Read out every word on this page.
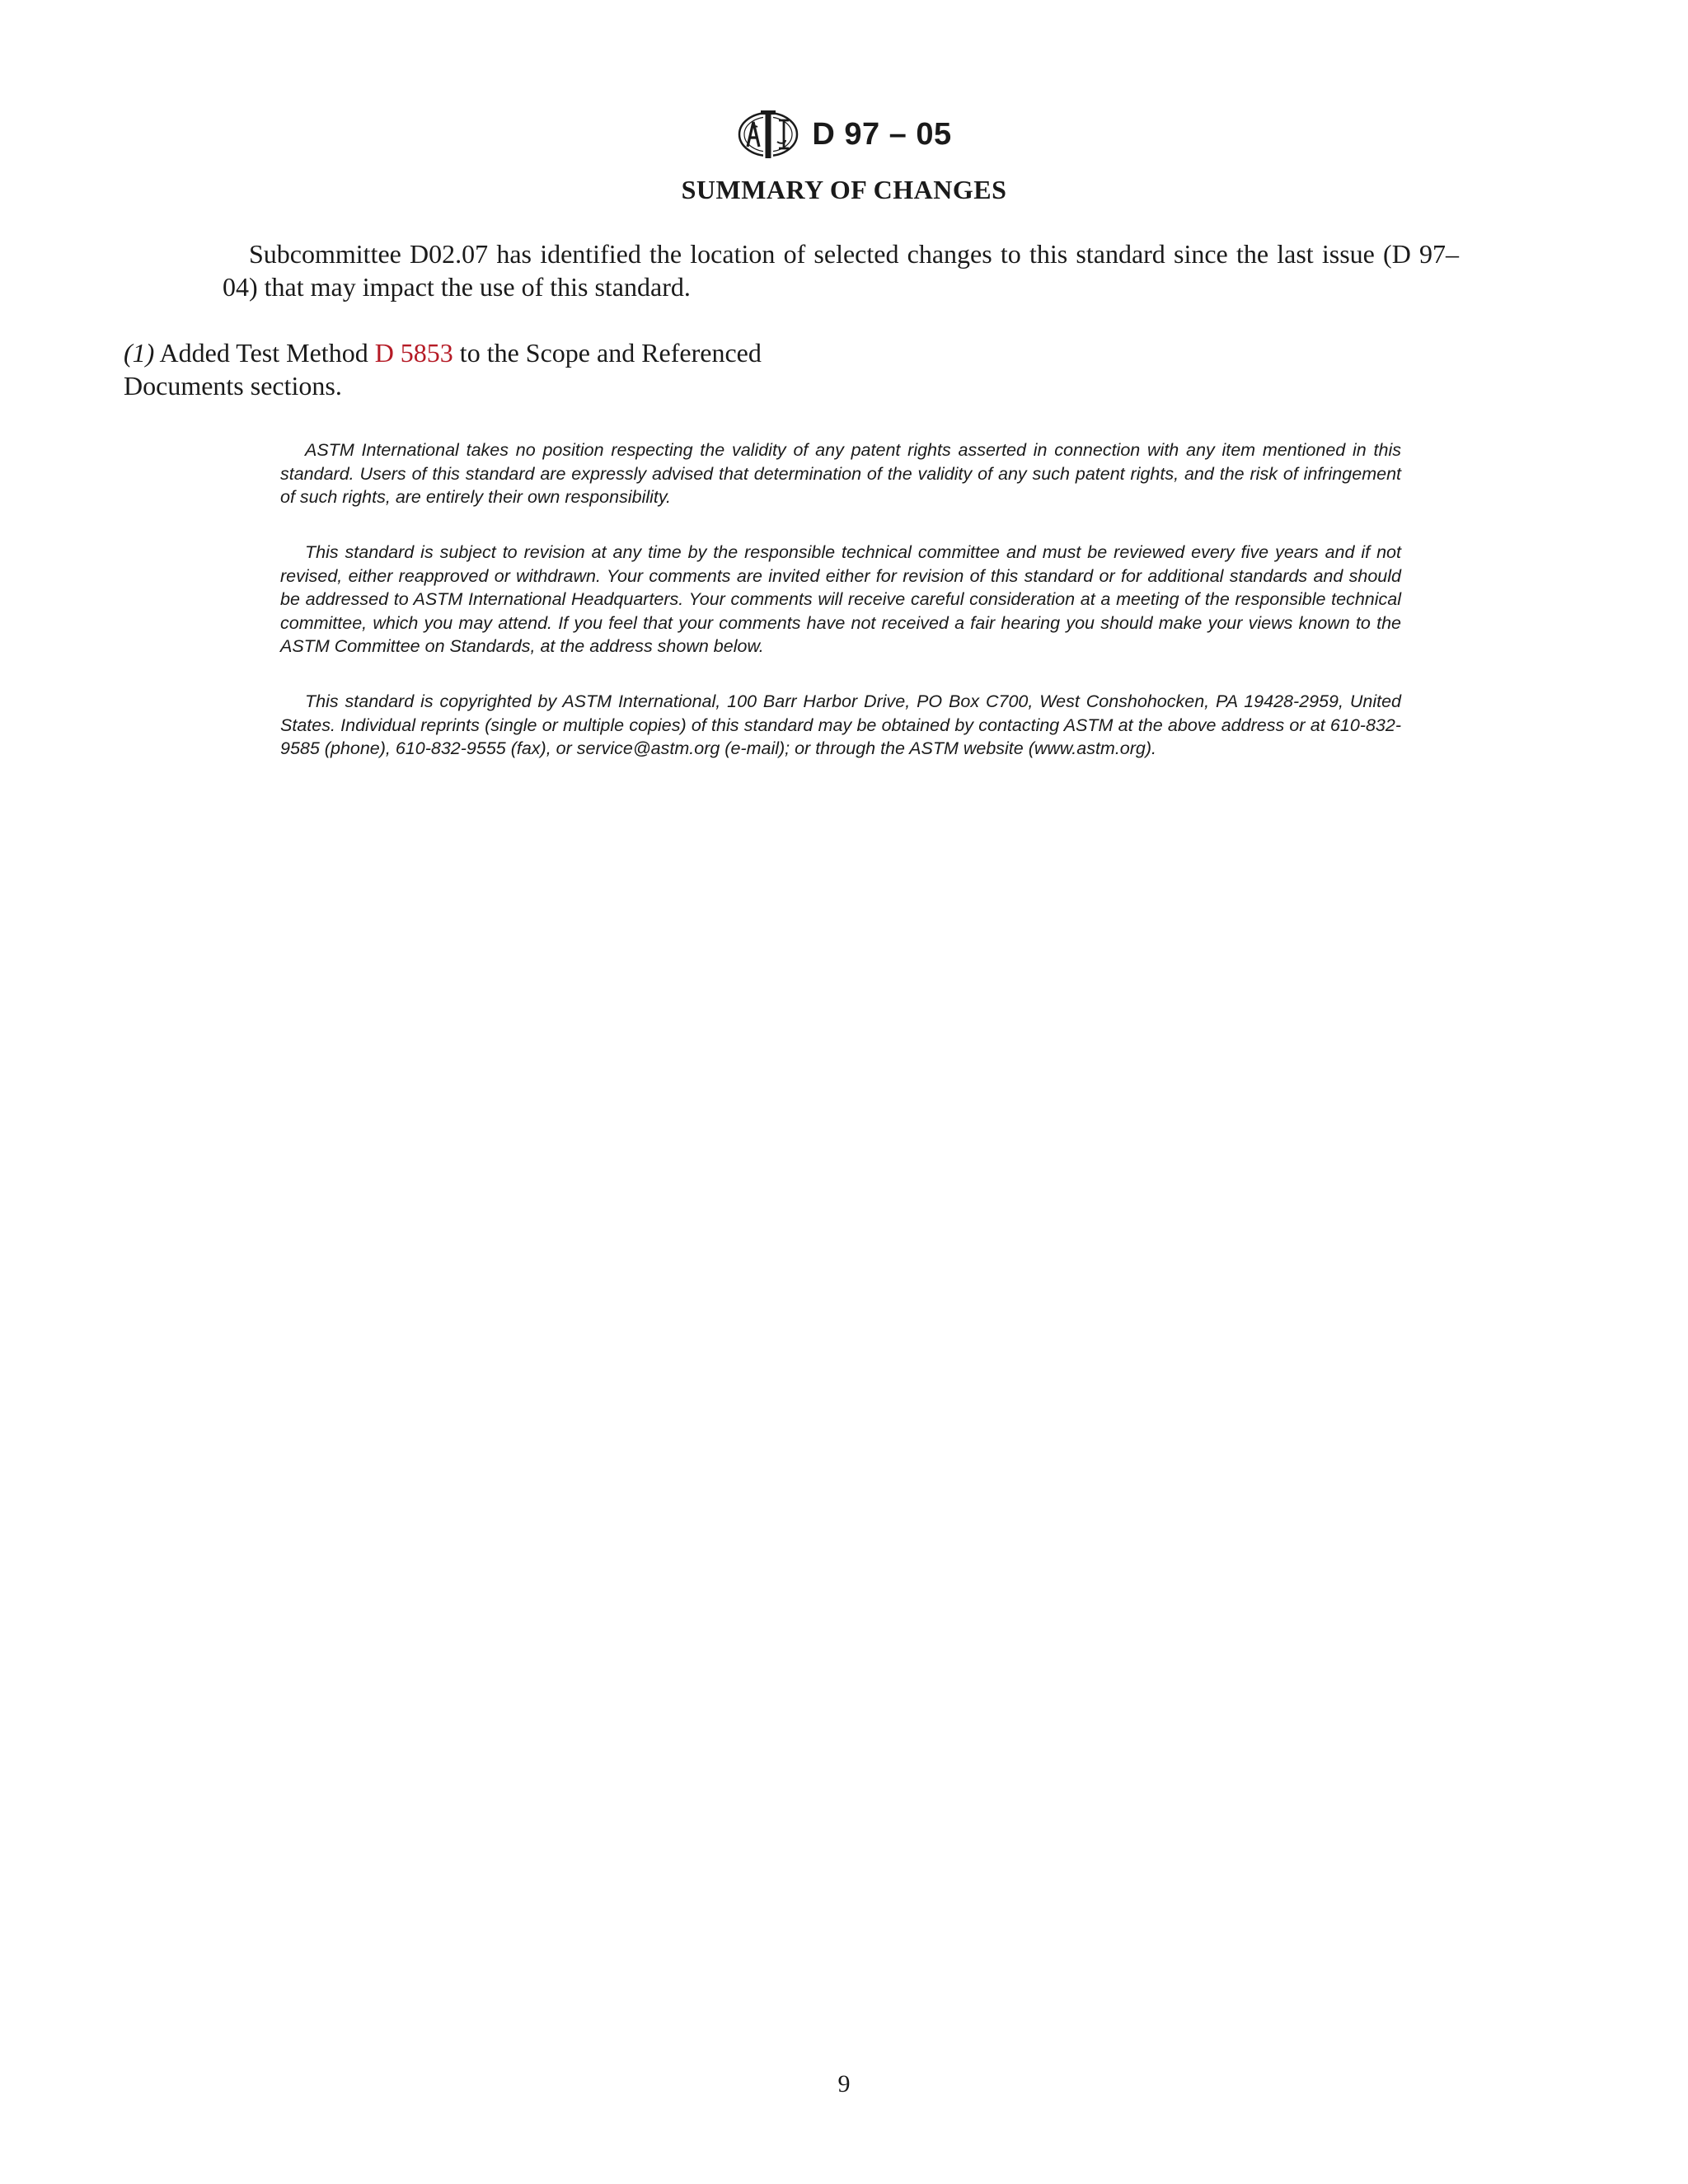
D 97 – 05
SUMMARY OF CHANGES

Subcommittee D02.07 has identified the location of selected changes to this standard since the last issue (D 97–04) that may impact the use of this standard.

(1) Added Test Method D 5853 to the Scope and Referenced Documents sections.

ASTM International takes no position respecting the validity of any patent rights asserted in connection with any item mentioned in this standard. Users of this standard are expressly advised that determination of the validity of any such patent rights, and the risk of infringement of such rights, are entirely their own responsibility.

This standard is subject to revision at any time by the responsible technical committee and must be reviewed every five years and if not revised, either reapproved or withdrawn. Your comments are invited either for revision of this standard or for additional standards and should be addressed to ASTM International Headquarters. Your comments will receive careful consideration at a meeting of the responsible technical committee, which you may attend. If you feel that your comments have not received a fair hearing you should make your views known to the ASTM Committee on Standards, at the address shown below.

This standard is copyrighted by ASTM International, 100 Barr Harbor Drive, PO Box C700, West Conshohocken, PA 19428-2959, United States. Individual reprints (single or multiple copies) of this standard may be obtained by contacting ASTM at the above address or at 610-832-9585 (phone), 610-832-9555 (fax), or service@astm.org (e-mail); or through the ASTM website (www.astm.org).

9
